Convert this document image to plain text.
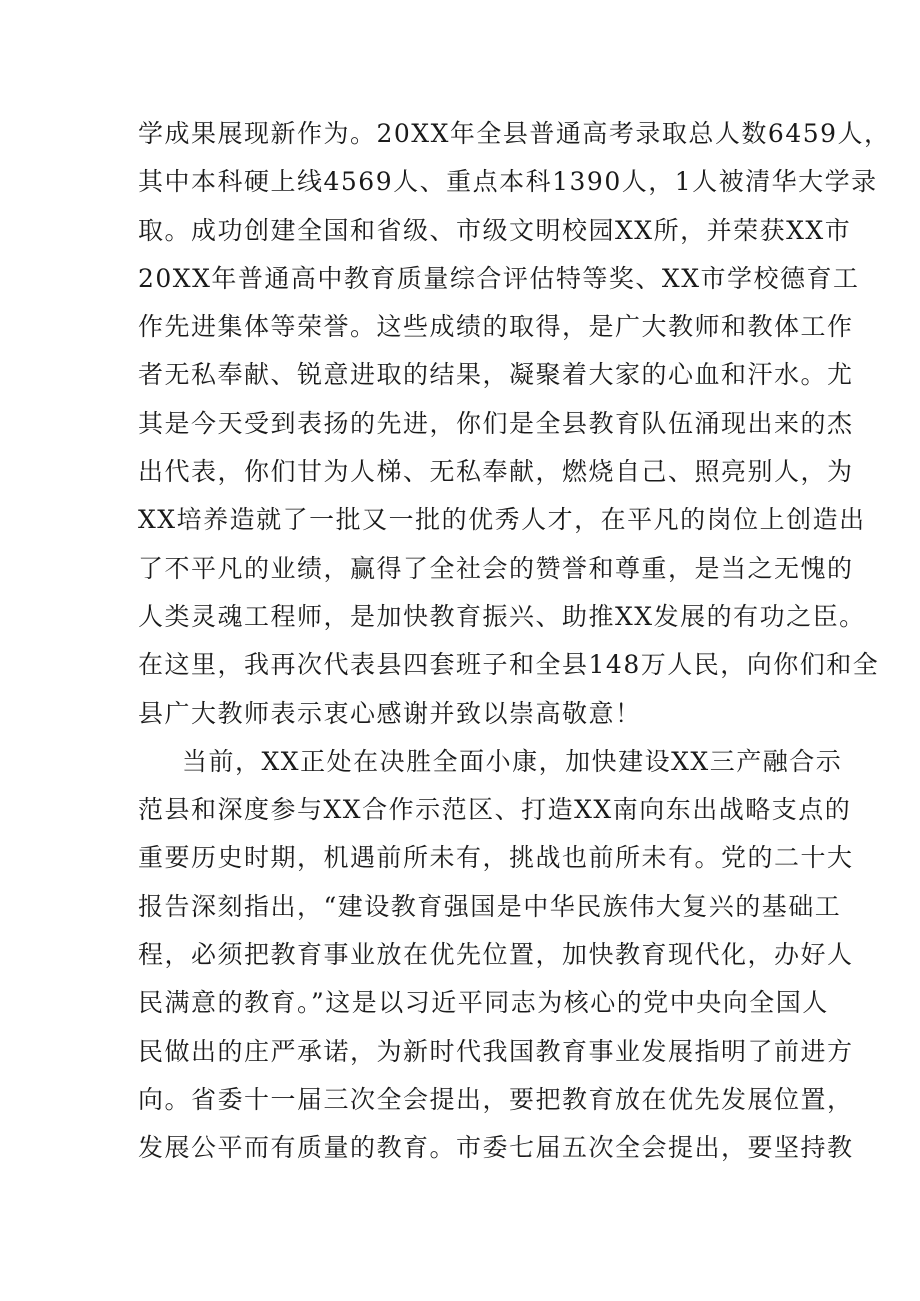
学成果展现新作为。20XX年全县普通高考录取总人数6459人，
其中本科硬上线4569人、重点本科1390人，1人被清华大学录
取。成功创建全国和省级、市级文明校园XX所，并荣获XX市
20XX年普通高中教育质量综合评估特等奖、XX市学校德育工
作先进集体等荣誉。这些成绩的取得，是广大教师和教体工作
者无私奉献、锐意进取的结果，凝聚着大家的心血和汗水。尤
其是今天受到表扬的先进，你们是全县教育队伍涌现出来的杰
出代表，你们甘为人梯、无私奉献，燃烧自己、照亮别人，为
XX培养造就了一批又一批的优秀人才，在平凡的岗位上创造出
了不平凡的业绩，赢得了全社会的赞誉和尊重，是当之无愧的
人类灵魂工程师，是加快教育振兴、助推XX发展的有功之臣。
在这里，我再次代表县四套班子和全县148万人民，向你们和全
县广大教师表示衷心感谢并致以崇高敬意！
当前，XX正处在决胜全面小康，加快建设XX三产融合示
范县和深度参与XX合作示范区、打造XX南向东出战略支点的
重要历史时期，机遇前所未有，挑战也前所未有。党的二十大
报告深刻指出，“建设教育强国是中华民族伟大复兴的基础工
程，必须把教育事业放在优先位置，加快教育现代化，办好人
民满意的教育。”这是以习近平同志为核心的党中央向全国人
民做出的庄严承诺，为新时代我国教育事业发展指明了前进方
向。省委十一届三次全会提出，要把教育放在优先发展位置，
发展公平而有质量的教育。市委七届五次全会提出，要坚持教
